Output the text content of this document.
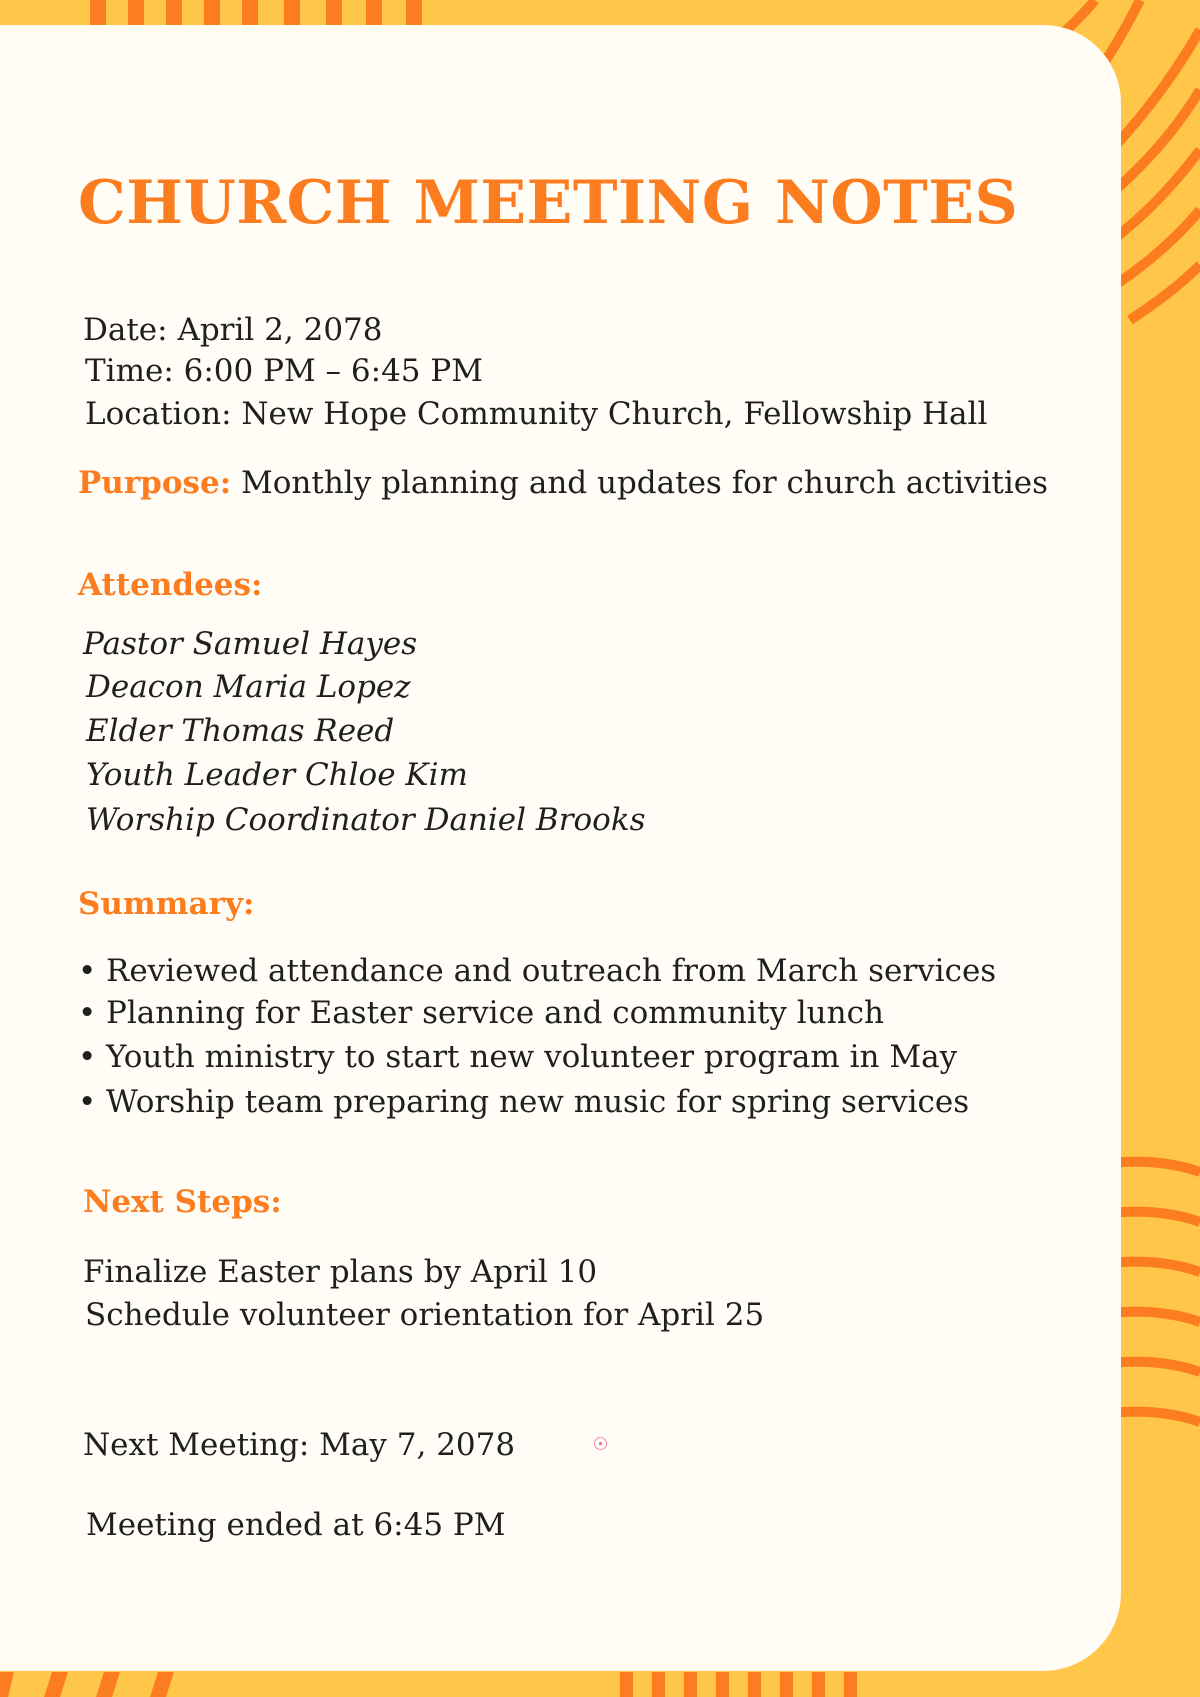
CHURCH MEETING NOTES
Date: April 2, 2078
Time: 6:00 PM – 6:45 PM
Location: New Hope Community Church, Fellowship Hall
Purpose: Monthly planning and updates for church activities
Attendees:
Pastor Samuel Hayes
Deacon Maria Lopez
Elder Thomas Reed
Youth Leader Chloe Kim
Worship Coordinator Daniel Brooks
Summary:
• Reviewed attendance and outreach from March services
• Planning for Easter service and community lunch
• Youth ministry to start new volunteer program in May
• Worship team preparing new music for spring services
Next Steps:
Finalize Easter plans by April 10
Schedule volunteer orientation for April 25
Next Meeting: May 7, 2078
Meeting ended at 6:45 PM
